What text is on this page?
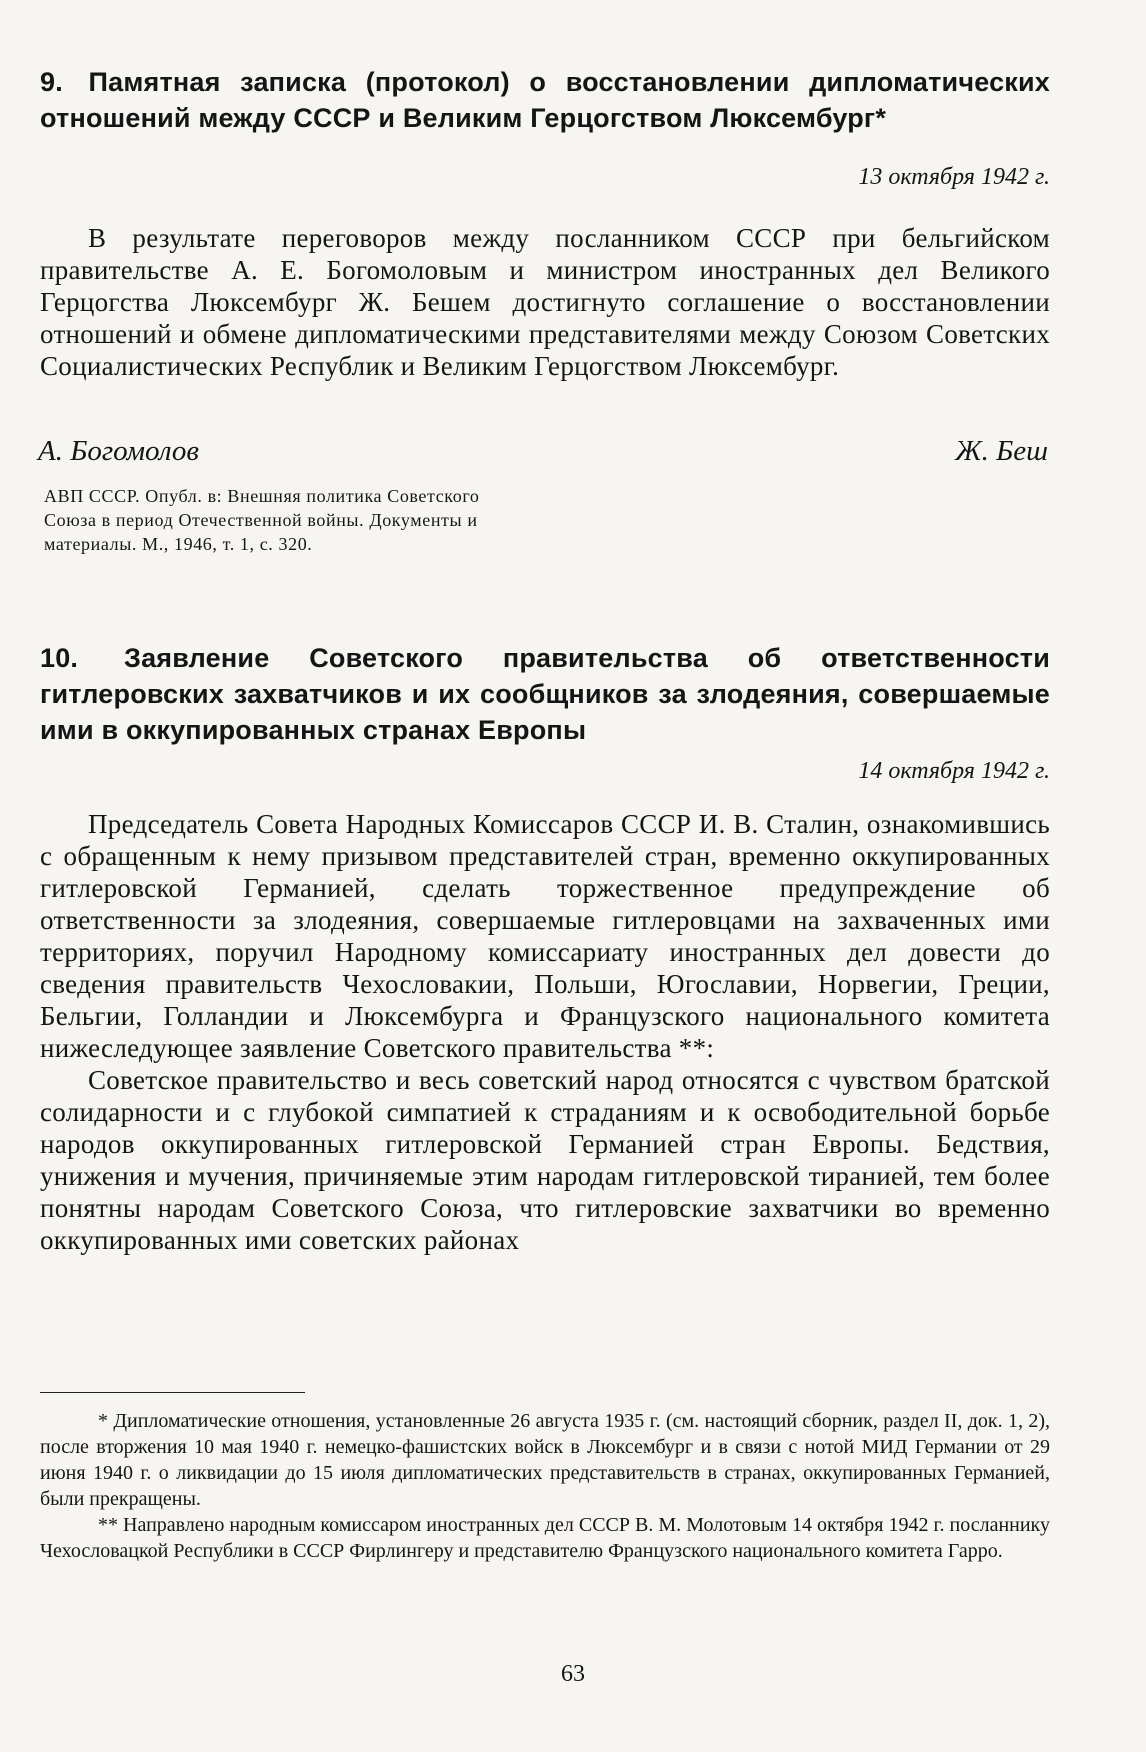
9. Памятная записка (протокол) о восстановлении дипломатических отношений между СССР и Великим Герцогством Люксембург*
13 октября 1942 г.

В результате переговоров между посланником СССР при бельгийском правительстве А. Е. Богомоловым и министром иностранных дел Великого Герцогства Люксембург Ж. Бешем достигнуто соглашение о восстановлении отношений и обмене дипломатическими представителями между Союзом Советских Социалистических Республик и Великим Герцогством Люксембург.

А. Богомолов	Ж. Беш
АВП СССР. Опубл. в: Внешняя политика Советского Союза в период Отечественной войны. Документы и материалы. М., 1946, т. 1, с. 320.
10. Заявление Советского правительства об ответственности гитлеровских захватчиков и их сообщников за злодеяния, совершаемые ими в оккупированных странах Европы
14 октября 1942 г.

Председатель Совета Народных Комиссаров СССР И. В. Сталин, ознакомившись с обращенным к нему призывом представителей стран, временно оккупированных гитлеровской Германией, сделать торжественное предупреждение об ответственности за злодеяния, совершаемые гитлеровцами на захваченных ими территориях, поручил Народному комиссариату иностранных дел довести до сведения правительств Чехословакии, Польши, Югославии, Норвегии, Греции, Бельгии, Голландии и Люксембурга и Французского национального комитета нижеследующее заявление Советского правительства **:

Советское правительство и весь советский народ относятся с чувством братской солидарности и с глубокой симпатией к страданиям и к освободительной борьбе народов оккупированных гитлеровской Германией стран Европы. Бедствия, унижения и мучения, причиняемые этим народам гитлеровской тиранией, тем более понятны народам Советского Союза, что гитлеровские захватчики во временно оккупированных ими советских районах

* Дипломатические отношения, установленные 26 августа 1935 г. (см. настоящий сборник, раздел II, док. 1, 2), после вторжения 10 мая 1940 г. немецко-фашистских войск в Люксембург и в связи с нотой МИД Германии от 29 июня 1940 г. о ликвидации до 15 июля дипломатических представительств в странах, оккупированных Германией, были прекращены.

** Направлено народным комиссаром иностранных дел СССР В. М. Молотовым 14 октября 1942 г. посланнику Чехословацкой Республики в СССР Фирлингеру и представителю Французского национального комитета Гарро.

63
